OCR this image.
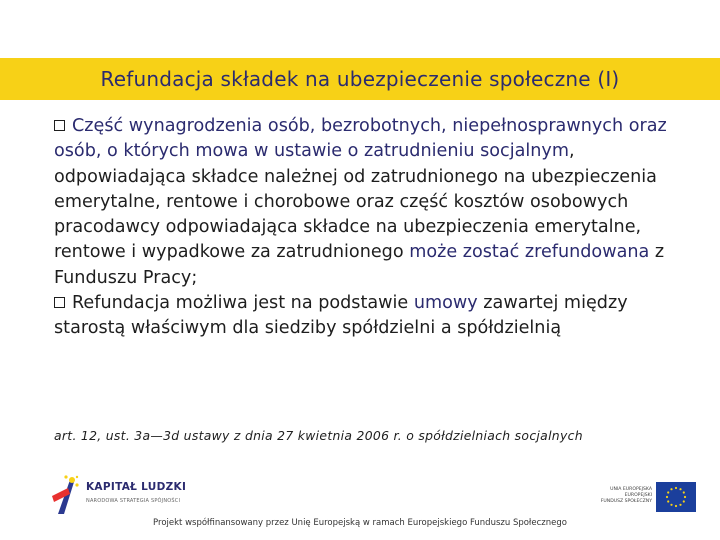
Refundacja składek na ubezpieczenie społeczne (I)

Część wynagrodzenia osób, bezrobotnych, niepełnosprawnych oraz osób, o których mowa w ustawie o zatrudnieniu socjalnym, odpowiadająca składce należnej od zatrudnionego na ubezpieczenia emerytalne, rentowe i chorobowe oraz część kosztów osobowych pracodawcy odpowiadająca składce na ubezpieczenia emerytalne, rentowe i wypadkowe za zatrudnionego może zostać zrefundowana z Funduszu Pracy;

Refundacja możliwa jest na podstawie umowy zawartej między starostą właściwym dla siedziby spółdzielni a spółdzielnią

art. 12, ust. 3a—3d ustawy z dnia 27 kwietnia 2006 r. o spółdzielniach socjalnych
KAPITAŁ LUDZKI
NARODOWA STRATEGIA SPÓJNOŚCI
UNIA EUROPEJSKA
EUROPEJSKI
FUNDUSZ SPOŁECZNY
Projekt współfinansowany przez Unię Europejską w ramach Europejskiego Funduszu Społecznego
